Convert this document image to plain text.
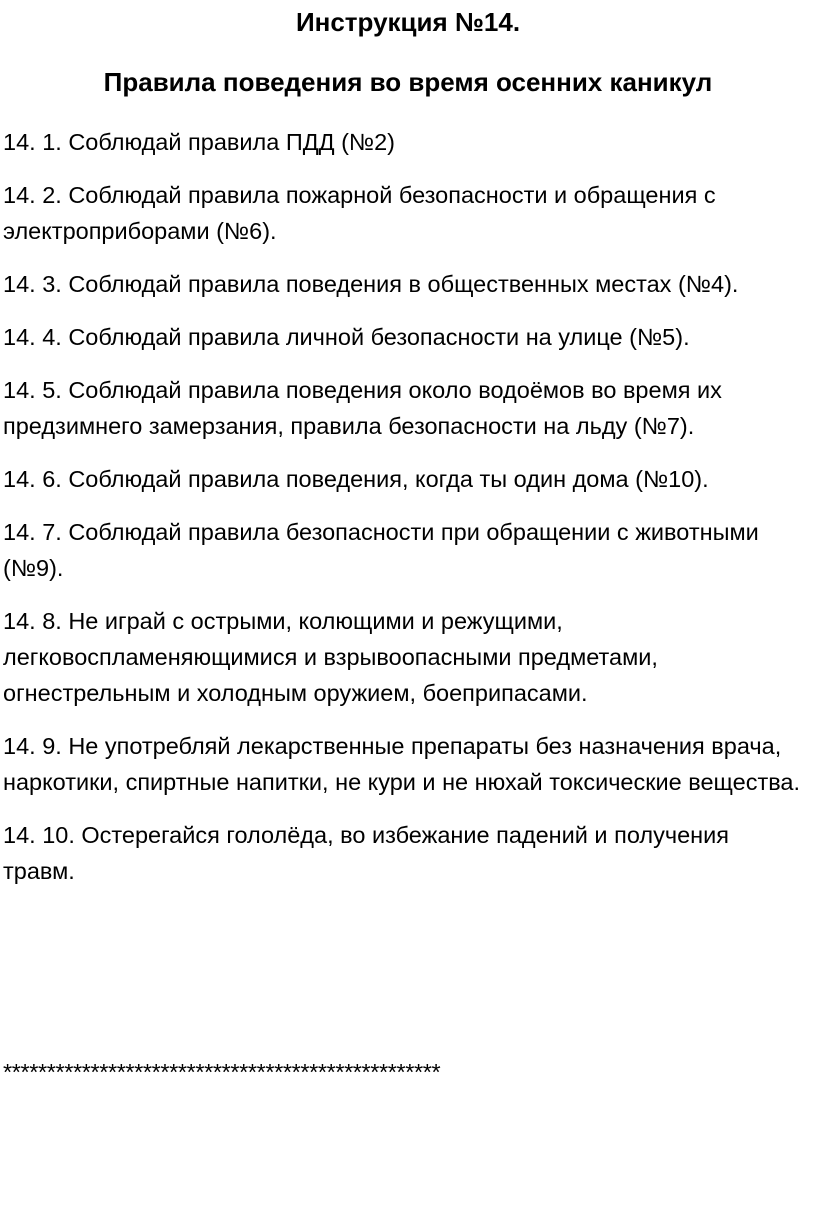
Инструкция №14.
Правила поведения во время осенних каникул

14. 1. Соблюдай правила ПДД (№2)

14. 2. Соблюдай правила пожарной безопасности и обращения с электроприборами (№6).

14. 3. Соблюдай правила поведения в общественных местах (№4).

14. 4. Соблюдай правила личной безопасности на улице (№5).

14. 5. Соблюдай правила поведения около водоёмов во время их предзимнего замерзания, правила безопасности на льду (№7).

14. 6. Соблюдай правила поведения, когда ты один дома (№10).

14. 7. Соблюдай правила безопасности при обращении с животными (№9).

14. 8. Не играй с острыми, колющими и режущими, легковоспламеняющимися и взрывоопасными предметами, огнестрельным и холодным оружием, боеприпасами.

14. 9. Не употребляй лекарственные препараты без назначения врача, наркотики, спиртные напитки, не кури и не нюхай токсические вещества.

14. 10. Остерегайся гололёда, во избежание падений и получения травм.

**************************************************
